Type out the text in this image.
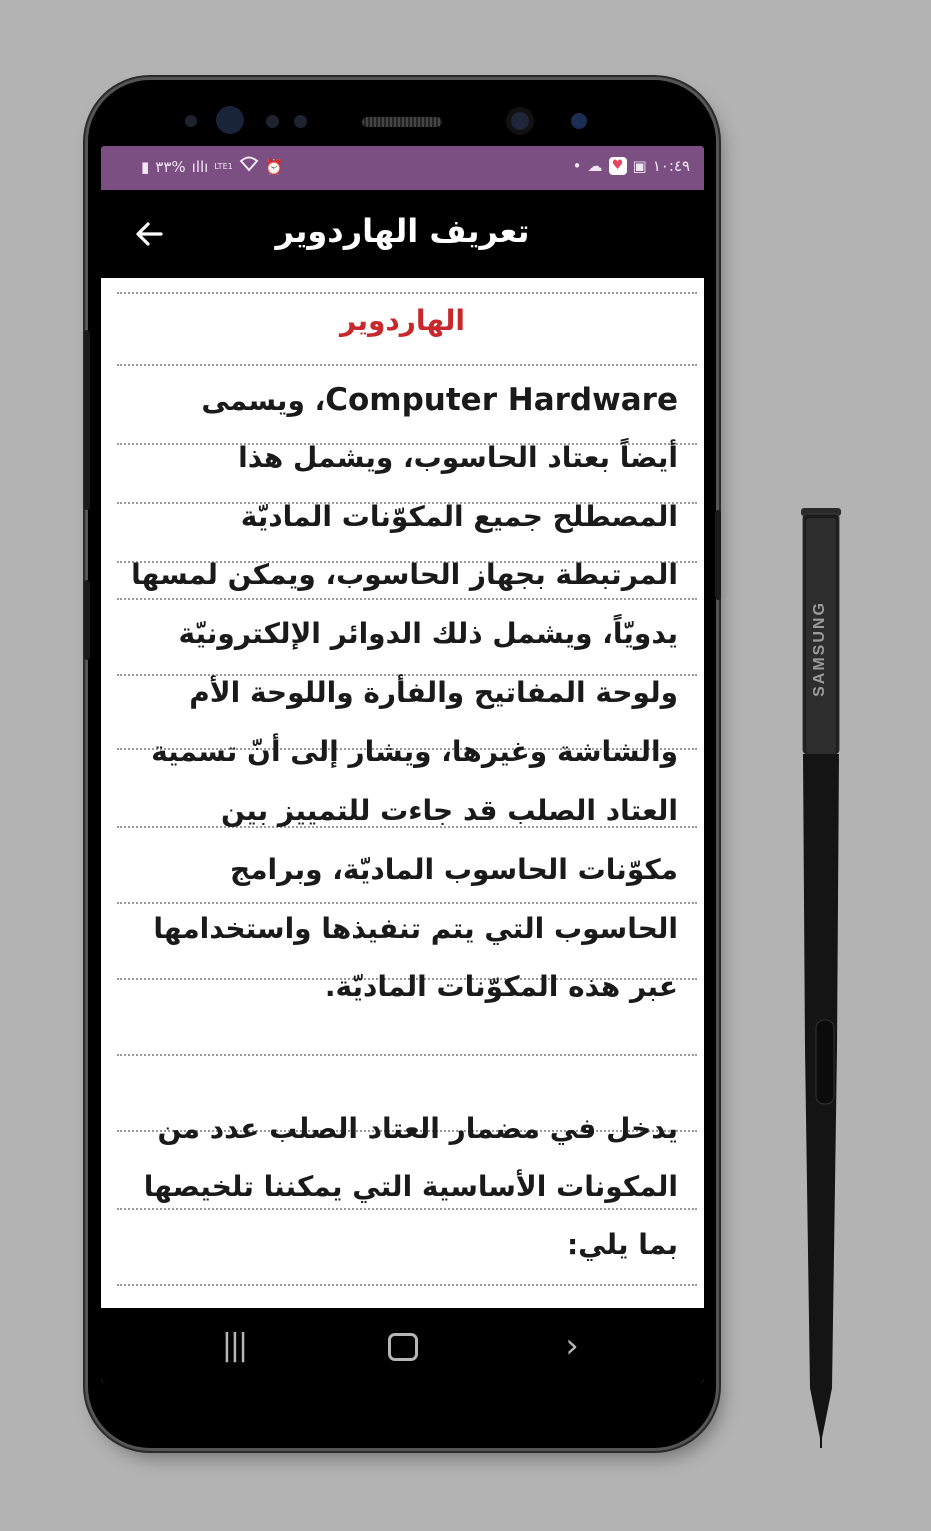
▮ ٣٣% ıllı LTE1 ⏰	• ☁ ♥ ▣ ١٠:٤٩
تعريف الهاردوير
الهاردوير
Computer Hardware، ويسمى
أيضاً بعتاد الحاسوب، ويشمل هذا
المصطلح جميع المكوّنات الماديّة
المرتبطة بجهاز الحاسوب، ويمكن لمسها
يدويّاً، ويشمل ذلك الدوائر الإلكترونيّة
ولوحة المفاتيح والفأرة واللوحة الأم
والشاشة وغيرها، ويشار إلى أنّ تسمية
العتاد الصلب قد جاءت للتمييز بين
مكوّنات الحاسوب الماديّة، وبرامج
الحاسوب التي يتم تنفيذها واستخدامها
عبر هذه المكوّنات الماديّة.
يدخل في مضمار العتاد الصلب عدد من
المكونات الأساسية التي يمكننا تلخيصها
بما يلي:
|||	›
SAMSUNG
